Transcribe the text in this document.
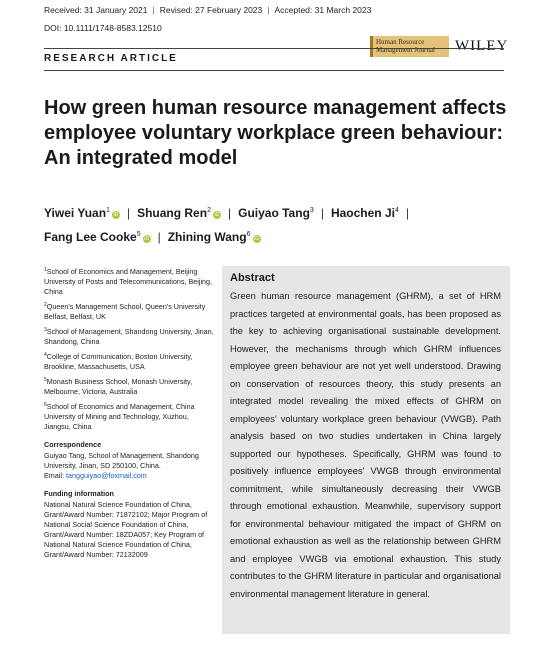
Received: 31 January 2021 | Revised: 27 February 2023 | Accepted: 31 March 2023
DOI: 10.1111/1748-8583.12510
Human Resource
Management Journal	WILEY
RESEARCH ARTICLE
How green human resource management affects employee voluntary workplace green behaviour: An integrated model
Yiwei Yuan$^1$iD | Shuang Ren$^2$iD | Guiyao Tang$^3$ | Haochen Ji$^4$ |
Fang Lee Cooke$^5$iD | Zhining Wang$^6$iD
$^1$School of Economics and Management, Beijing University of Posts and Telecommunications, Beijing, China
$^2$Queen's Management School, Queen's University Belfast, Belfast, UK
$^3$School of Management, Shandong University, Jinan, Shandong, China
$^4$College of Communication, Boston University, Brookline, Massachusetts, USA
$^5$Monash Business School, Monash University, Melbourne, Victoria, Australia
$^6$School of Economics and Management, China University of Mining and Technology, Xuzhou, Jiangsu, China
Correspondence
Guiyao Tang, School of Management, Shandong University, Jinan, SD 250100, China.
Email: tangguiyao@foxmail.com
Funding information
National Natural Science Foundation of China, Grant/Award Number: 71872102; Major Program of National Social Science Foundation of China, Grant/Award Number: 18ZDA057; Key Program of National Natural Science Foundation of China, Grant/Award Number: 72132009
Abstract

Green human resource management (GHRM), a set of HRM practices targeted at environmental goals, has been proposed as the key to achieving organisational sustainable development. However, the mechanisms through which GHRM influences employee green behaviour are not yet well understood. Drawing on conservation of resources theory, this study presents an integrated model revealing the mixed effects of GHRM on employees' voluntary workplace green behaviour (VWGB). Path analysis based on two studies undertaken in China largely supported our hypotheses. Specifically, GHRM was found to positively influence employees' VWGB through environmental commitment, while simultaneously decreasing their VWGB through emotional exhaustion. Meanwhile, supervisory support for environmental behaviour mitigated the impact of GHRM on emotional exhaustion as well as the relationship between GHRM and employee VWGB via emotional exhaustion. This study contributes to the GHRM literature in particular and organisational environmental management literature in general.
